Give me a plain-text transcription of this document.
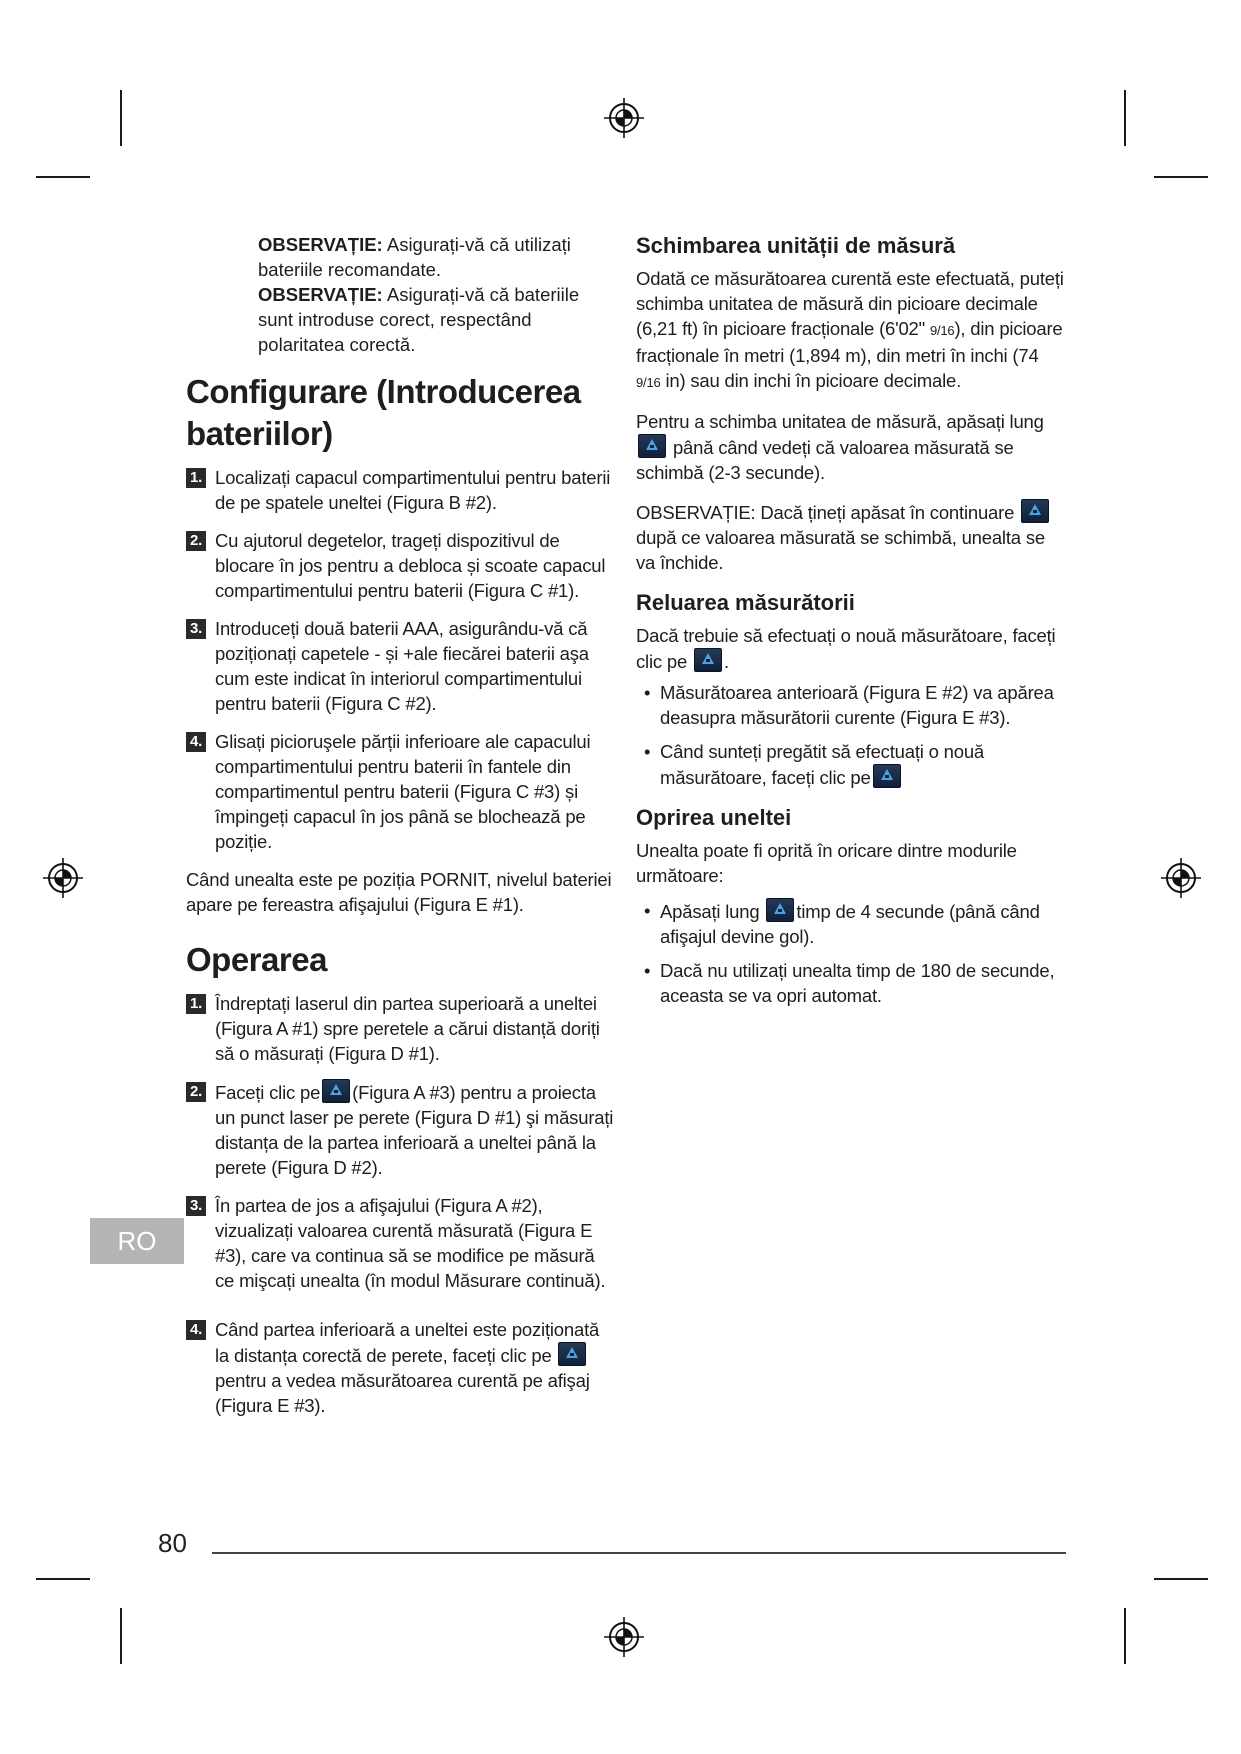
OBSERVAȚIE: Asigurați-vă că utilizați bateriile recomandate.

OBSERVAȚIE: Asigurați-vă că bateriile sunt introduse corect, respectând polaritatea corectă.

Configurare (Introducerea bateriilor)
1. Localizați capacul compartimentului pentru baterii de pe spatele uneltei (Figura B #2).
2. Cu ajutorul degetelor, trageți dispozitivul de blocare în jos pentru a debloca și scoate capacul compartimentului pentru baterii (Figura C #1).
3. Introduceți două baterii AAA, asigurându-vă că poziționați capetele - și +ale fiecărei baterii aşa cum este indicat în interiorul compartimentului pentru baterii (Figura C #2).
4. Glisați picioruşele părții inferioare ale capacului compartimentului pentru baterii în fantele din compartimentul pentru baterii (Figura C #3) și împingeți capacul în jos până se blochează pe poziție.

Când unealta este pe poziția PORNIT, nivelul bateriei apare pe fereastra afişajului (Figura E #1).

Operarea
1. Îndreptați laserul din partea superioară a uneltei (Figura A #1) spre peretele a cărui distanță doriți să o măsurați (Figura D #1).
2. Faceți clic pe (Figura A #3) pentru a proiecta un punct laser pe perete (Figura D #1) şi măsurați distanța de la partea inferioară a uneltei până la perete (Figura D #2).
3. În partea de jos a afişajului (Figura A #2), vizualizați valoarea curentă măsurată (Figura E #3), care va continua să se modifice pe măsură ce mişcați unealta (în modul Măsurare continuă).
4. Când partea inferioară a uneltei este poziționată la distanța corectă de perete, faceți clic pe
pentru a vedea măsurătoarea curentă pe afişaj (Figura E #3).
Schimbarea unității de măsură

Odată ce măsurătoarea curentă este efectuată, puteți schimba unitatea de măsură din picioare decimale (6,21 ft) în picioare fracționale (6'02" 9/16), din picioare fracționale în metri (1,894 m), din metri în inchi (74 9/16 in) sau din inchi în picioare decimale.

Pentru a schimba unitatea de măsură, apăsați lung
până când vedeți că valoarea măsurată se schimbă (2-3 secunde).

OBSERVAȚIE: Dacă țineți apăsat în continuare
după ce valoarea măsurată se schimbă, unealta se va închide.

Reluarea măsurătorii

Dacă trebuie să efectuați o nouă măsurătoare, faceți clic pe .

• Măsurătoarea anterioară (Figura E #2) va apărea deasupra măsurătorii curente (Figura E #3).
• Când sunteți pregătit să efectuați o nouă măsurătoare, faceți clic pe
Oprirea uneltei

Unealta poate fi oprită în oricare dintre modurile următoare:

• Apăsați lung timp de 4 secunde (până când afişajul devine gol).
• Dacă nu utilizați unealta timp de 180 de secunde, aceasta se va opri automat.
RO
80
